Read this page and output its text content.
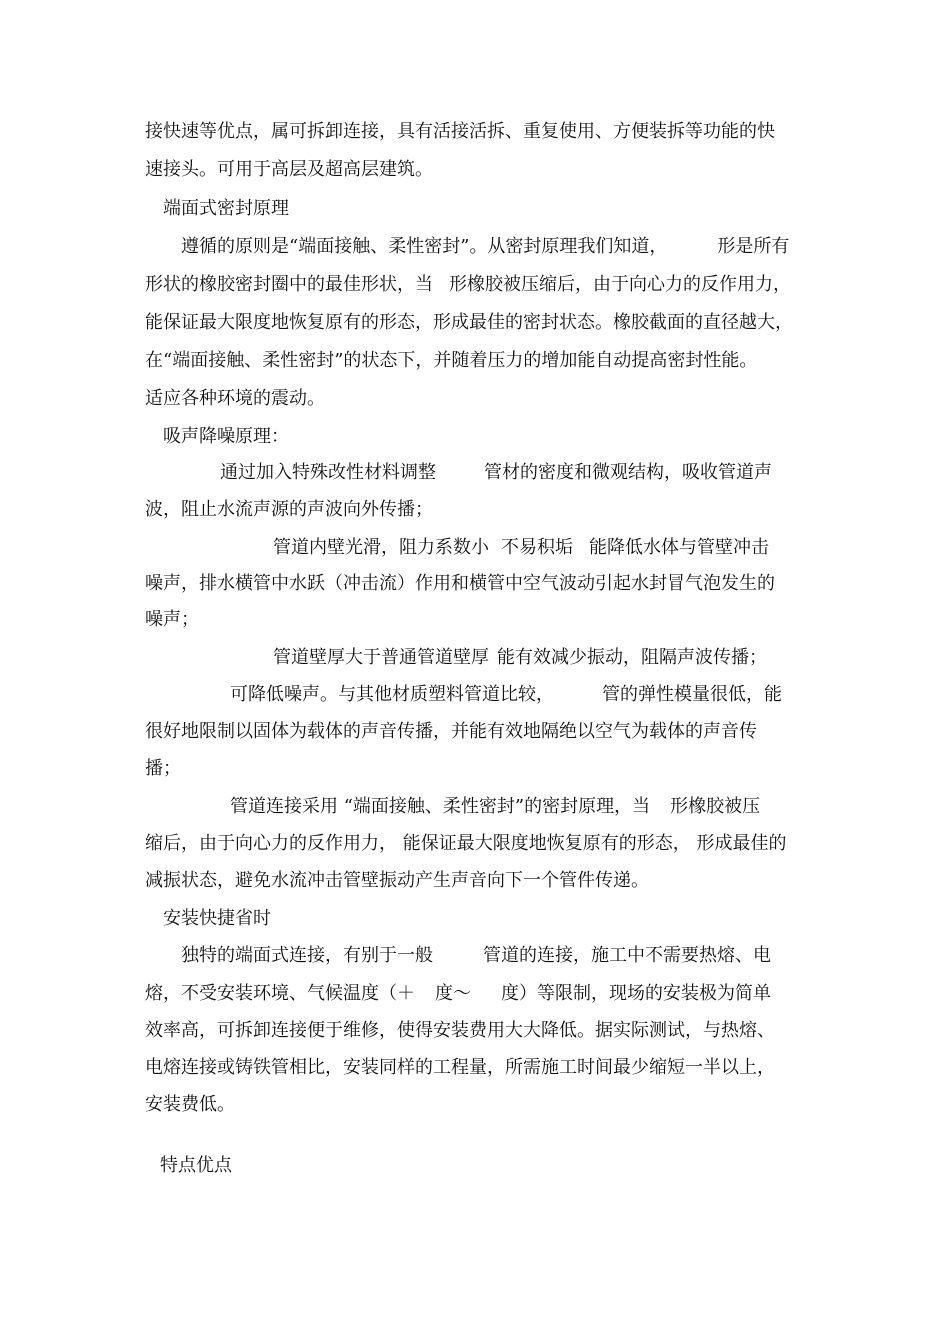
接快速等优点，属可拆卸连接，具有活接活拆、重复使用、方便装拆等功能的快
速接头。可用于高层及超高层建筑。
端面式密封原理
遵循的原则是“端面接触、柔性密封”。从密封原理我们知道，	形是所有
形状的橡胶密封圈中的最佳形状，当 形橡胶被压缩后，由于向心力的反作用力，
能保证最大限度地恢复原有的形态，形成最佳的密封状态。橡胶截面的直径越大，
在“端面接触、柔性密封”的状态下，并随着压力的增加能自动提高密封性能。
适应各种环境的震动。
吸声降噪原理：
通过加入特殊改性材料调整	管材的密度和微观结构，吸收管道声
波，阻止水流声源的声波向外传播；
管道内壁光滑，阻力系数小 不易积垢 能降低水体与管壁冲击
噪声，排水横管中水跃（冲击流）作用和横管中空气波动引起水封冒气泡发生的
噪声；
管道壁厚大于普通管道壁厚 能有效减少振动，阻隔声波传播；
可降低噪声。与其他材质塑料管道比较，	管的弹性模量很低，能
很好地限制以固体为载体的声音传播，并能有效地隔绝以空气为载体的声音传
播；
管道连接采用 “端面接触、柔性密封”的密封原理，当 形橡胶被压
缩后，由于向心力的反作用力， 能保证最大限度地恢复原有的形态， 形成最佳的
减振状态，避免水流冲击管壁振动产生声音向下一个管件传递。
安装快捷省时
独特的端面式连接，有别于一般	管道的连接，施工中不需要热熔、电
熔，不受安装环境、气候温度（＋ 度～ 度）等限制，现场的安装极为简单
效率高，可拆卸连接便于维修，使得安装费用大大降低。据实际测试，与热熔、
电熔连接或铸铁管相比，安装同样的工程量，所需施工时间最少缩短一半以上，
安装费低。
特点优点
